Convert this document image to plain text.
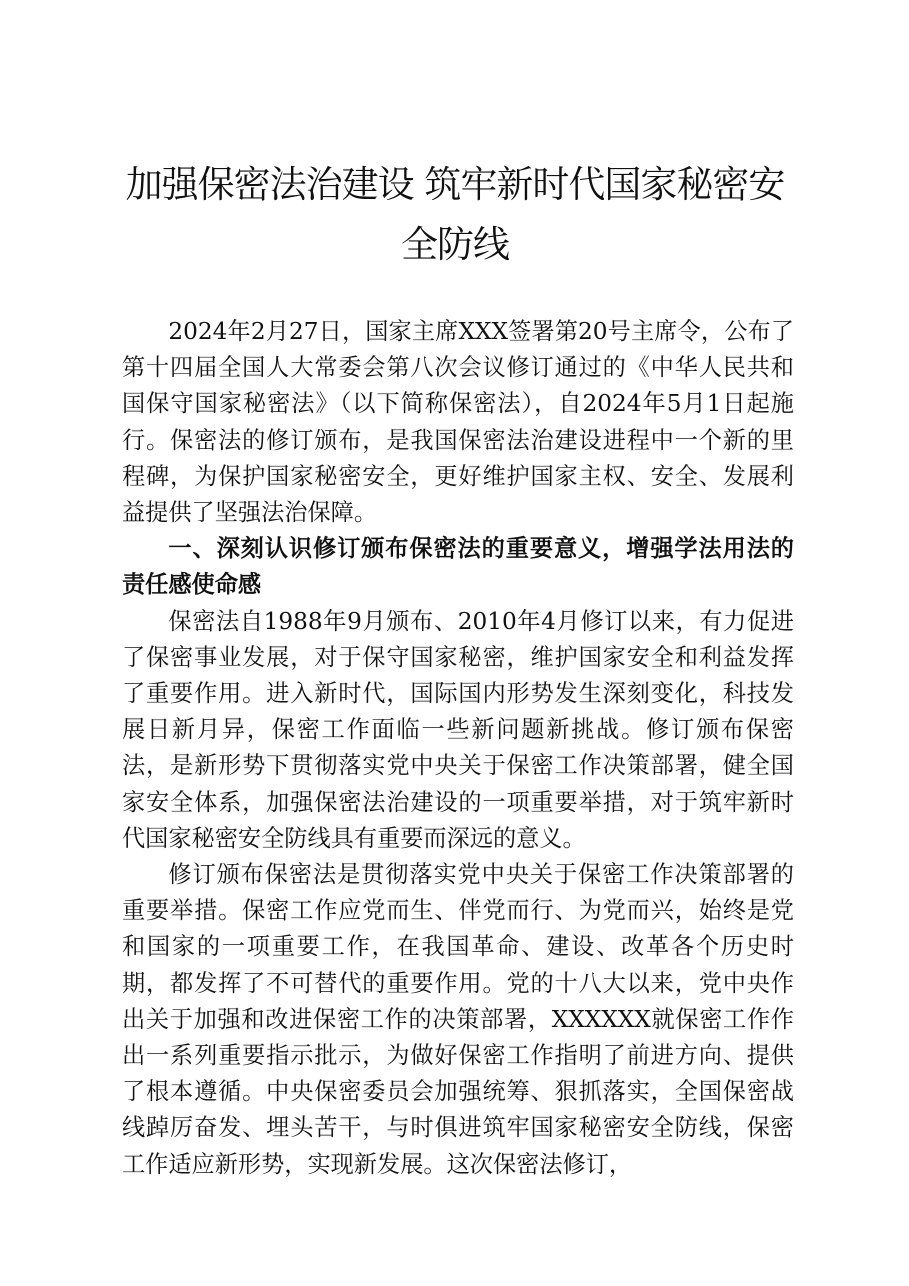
加强保密法治建设 筑牢新时代国家秘密安全防线

2024年2月27日，国家主席XXX签署第20号主席令，公布了第十四届全国人大常委会第八次会议修订通过的《中华人民共和国保守国家秘密法》（以下简称保密法），自2024年5月1日起施行。保密法的修订颁布，是我国保密法治建设进程中一个新的里程碑，为保护国家秘密安全，更好维护国家主权、安全、发展利益提供了坚强法治保障。

一、深刻认识修订颁布保密法的重要意义，增强学法用法的责任感使命感

保密法自1988年9月颁布、2010年4月修订以来，有力促进了保密事业发展，对于保守国家秘密，维护国家安全和利益发挥了重要作用。进入新时代，国际国内形势发生深刻变化，科技发展日新月异，保密工作面临一些新问题新挑战。修订颁布保密法，是新形势下贯彻落实党中央关于保密工作决策部署，健全国家安全体系，加强保密法治建设的一项重要举措，对于筑牢新时代国家秘密安全防线具有重要而深远的意义。

修订颁布保密法是贯彻落实党中央关于保密工作决策部署的重要举措。保密工作应党而生、伴党而行、为党而兴，始终是党和国家的一项重要工作，在我国革命、建设、改革各个历史时期，都发挥了不可替代的重要作用。党的十八大以来，党中央作出关于加强和改进保密工作的决策部署，XXXXXX就保密工作作出一系列重要指示批示，为做好保密工作指明了前进方向、提供了根本遵循。中央保密委员会加强统筹、狠抓落实，全国保密战线踔厉奋发、埋头苦干，与时俱进筑牢国家秘密安全防线，保密工作适应新形势，实现新发展。这次保密法修订，
